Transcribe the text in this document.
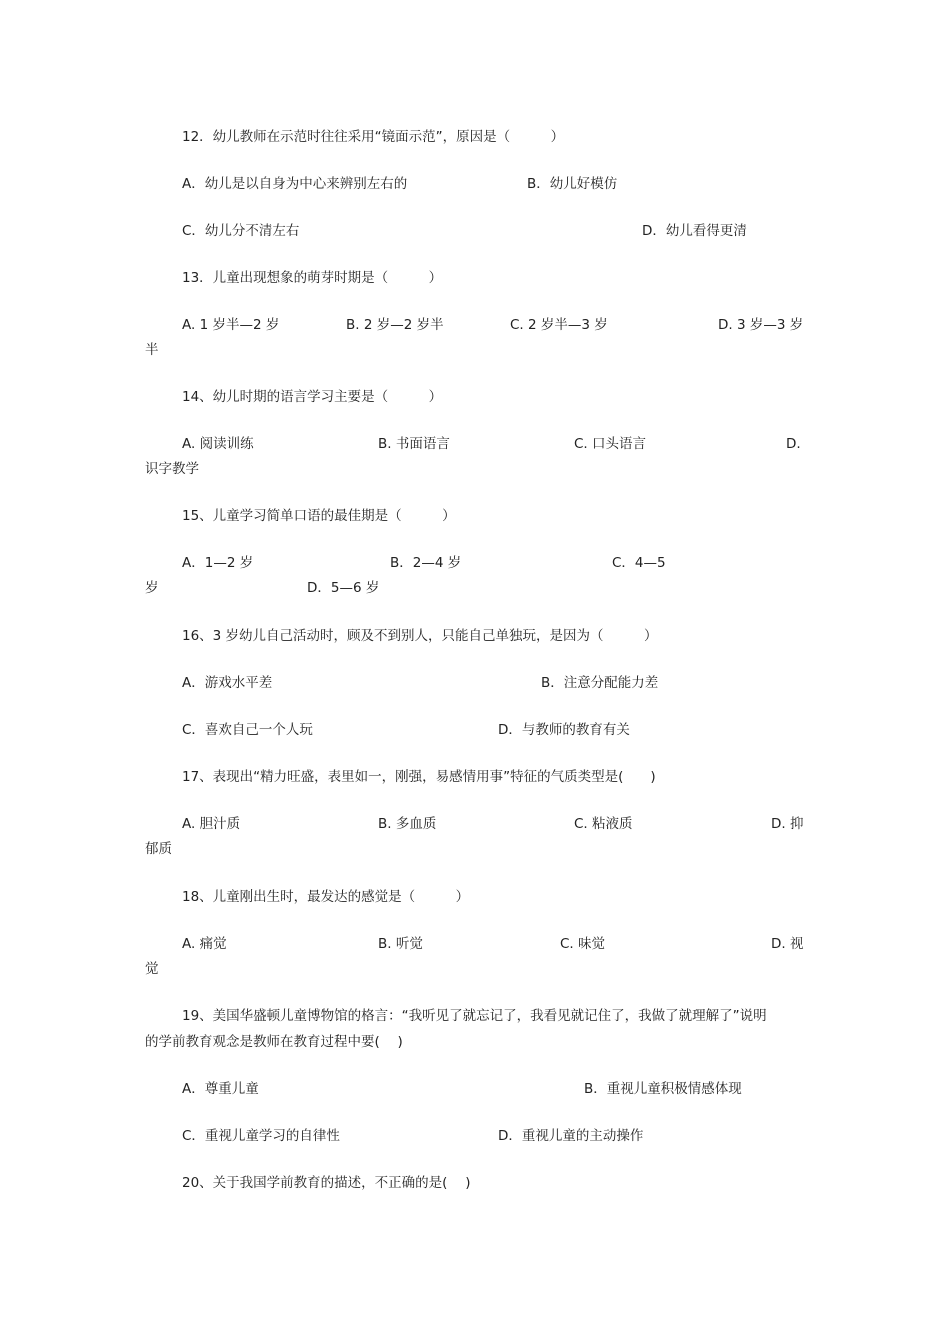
12．幼儿教师在示范时往往采用“镜面示范”，原因是（　　　）
A．幼儿是以自身为中心来辨别左右的	B．幼儿好模仿
C．幼儿分不清左右	D．幼儿看得更清
13．儿童出现想象的萌芽时期是（　　　）
A. 1 岁半—2 岁	B. 2 岁—2 岁半	C. 2 岁半—3 岁	D. 3 岁—3 岁
半
14、幼儿时期的语言学习主要是（　　　）
A. 阅读训练	B. 书面语言	C. 口头语言	D.
识字教学
15、儿童学习简单口语的最佳期是（　　　）
A．1—2 岁	B．2—4 岁	C．4—5
岁	D．5—6 岁
16、3 岁幼儿自己活动时，顾及不到别人，只能自己单独玩，是因为（　　　）
A．游戏水平差	B．注意分配能力差
C．喜欢自己一个人玩	D．与教师的教育有关
17、表现出“精力旺盛，表里如一，刚强，易感情用事”特征的气质类型是(　　)
A. 胆汁质	B. 多血质	C. 粘液质	D. 抑
郁质
18、儿童刚出生时，最发达的感觉是（　　　）
A. 痛觉	B. 听觉	C. 味觉	D. 视
觉
19、美国华盛顿儿童博物馆的格言：“我听见了就忘记了，我看见就记住了，我做了就理解了”说明
的学前教育观念是教师在教育过程中要(　 )
A．尊重儿童	B．重视儿童积极情感体现
C．重视儿童学习的自律性	D．重视儿童的主动操作
20、关于我国学前教育的描述，不正确的是(　 )
